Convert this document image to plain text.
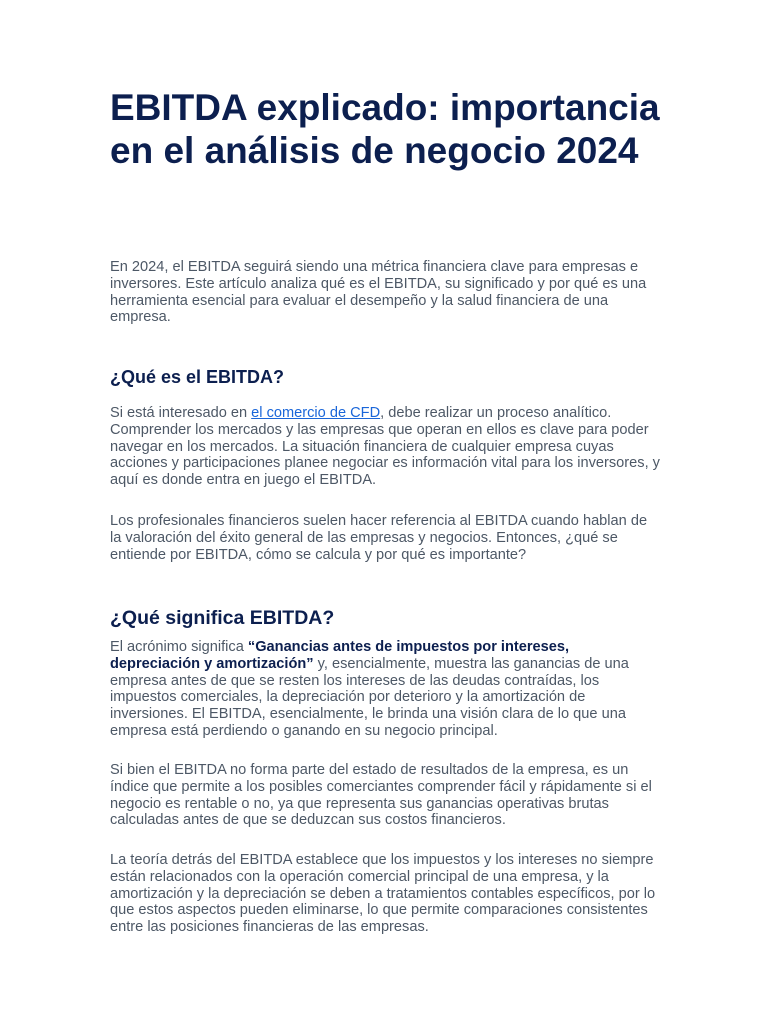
EBITDA explicado: importancia en el análisis de negocio 2024

En 2024, el EBITDA seguirá siendo una métrica financiera clave para empresas e inversores. Este artículo analiza qué es el EBITDA, su significado y por qué es una herramienta esencial para evaluar el desempeño y la salud financiera de una empresa.

¿Qué es el EBITDA?

Si está interesado en el comercio de CFD, debe realizar un proceso analítico. Comprender los mercados y las empresas que operan en ellos es clave para poder navegar en los mercados. La situación financiera de cualquier empresa cuyas acciones y participaciones planee negociar es información vital para los inversores, y aquí es donde entra en juego el EBITDA.

Los profesionales financieros suelen hacer referencia al EBITDA cuando hablan de la valoración del éxito general de las empresas y negocios. Entonces, ¿qué se entiende por EBITDA, cómo se calcula y por qué es importante?

¿Qué significa EBITDA?

El acrónimo significa “Ganancias antes de impuestos por intereses, depreciación y amortización” y, esencialmente, muestra las ganancias de una empresa antes de que se resten los intereses de las deudas contraídas, los impuestos comerciales, la depreciación por deterioro y la amortización de inversiones. El EBITDA, esencialmente, le brinda una visión clara de lo que una empresa está perdiendo o ganando en su negocio principal.

Si bien el EBITDA no forma parte del estado de resultados de la empresa, es un índice que permite a los posibles comerciantes comprender fácil y rápidamente si el negocio es rentable o no, ya que representa sus ganancias operativas brutas calculadas antes de que se deduzcan sus costos financieros.

La teoría detrás del EBITDA establece que los impuestos y los intereses no siempre están relacionados con la operación comercial principal de una empresa, y la amortización y la depreciación se deben a tratamientos contables específicos, por lo que estos aspectos pueden eliminarse, lo que permite comparaciones consistentes entre las posiciones financieras de las empresas.
